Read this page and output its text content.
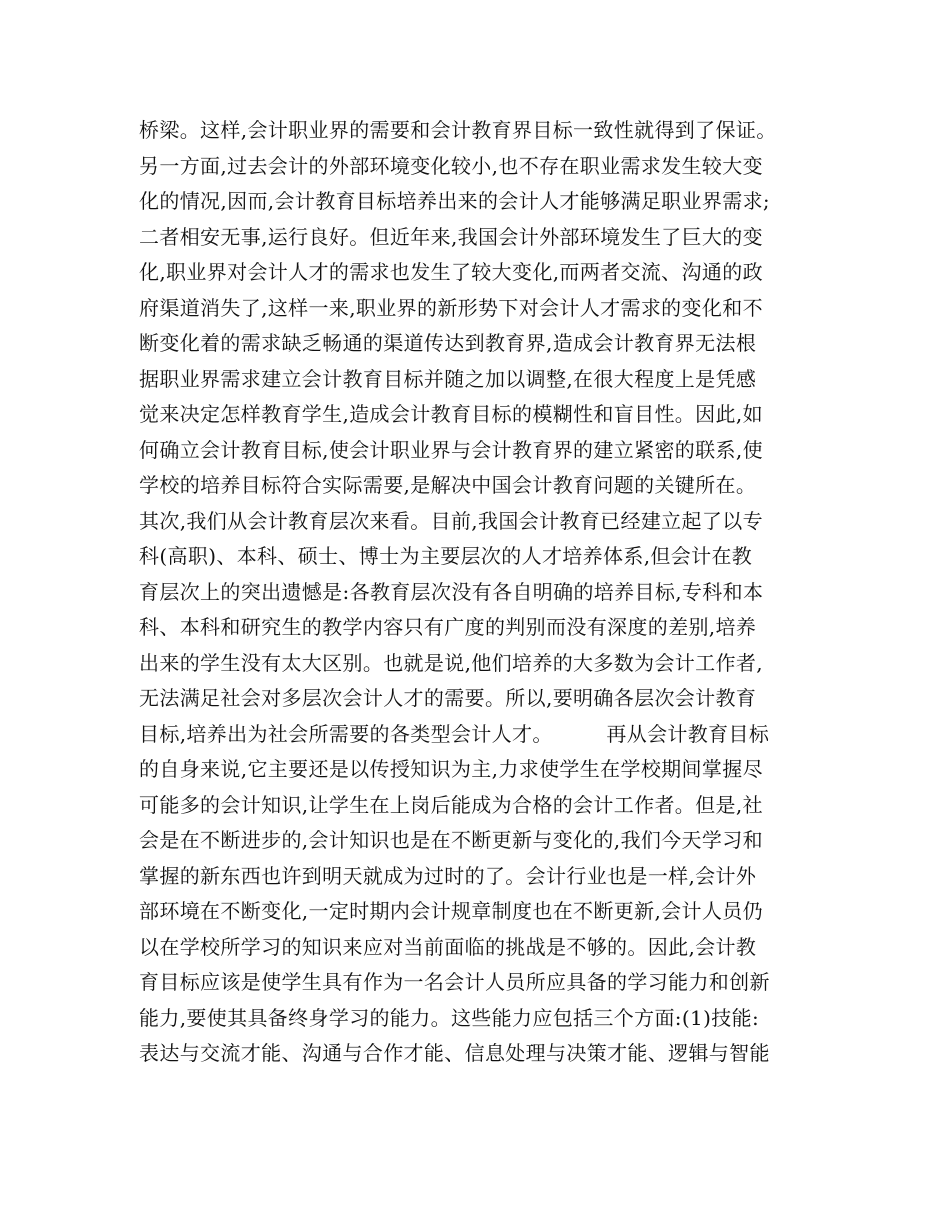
桥梁。这样,会计职业界的需要和会计教育界目标一致性就得到了保证。
另一方面,过去会计的外部环境变化较小,也不存在职业需求发生较大变
化的情况,因而,会计教育目标培养出来的会计人才能够满足职业界需求;
二者相安无事,运行良好。但近年来,我国会计外部环境发生了巨大的变
化,职业界对会计人才的需求也发生了较大变化,而两者交流、沟通的政
府渠道消失了,这样一来,职业界的新形势下对会计人才需求的变化和不
断变化着的需求缺乏畅通的渠道传达到教育界,造成会计教育界无法根
据职业界需求建立会计教育目标并随之加以调整,在很大程度上是凭感
觉来决定怎样教育学生,造成会计教育目标的模糊性和盲目性。因此,如
何确立会计教育目标,使会计职业界与会计教育界的建立紧密的联系,使
学校的培养目标符合实际需要,是解决中国会计教育问题的关键所在。
其次,我们从会计教育层次来看。目前,我国会计教育已经建立起了以专
科(高职)、本科、硕士、博士为主要层次的人才培养体系,但会计在教
育层次上的突出遗憾是:各教育层次没有各自明确的培养目标,专科和本
科、本科和研究生的教学内容只有广度的判别而没有深度的差别,培养
出来的学生没有太大区别。也就是说,他们培养的大多数为会计工作者,
无法满足社会对多层次会计人才的需要。所以,要明确各层次会计教育
目标,培养出为社会所需要的各类型会计人才。        再从会计教育目标
的自身来说,它主要还是以传授知识为主,力求使学生在学校期间掌握尽
可能多的会计知识,让学生在上岗后能成为合格的会计工作者。但是,社
会是在不断进步的,会计知识也是在不断更新与变化的,我们今天学习和
掌握的新东西也许到明天就成为过时的了。会计行业也是一样,会计外
部环境在不断变化,一定时期内会计规章制度也在不断更新,会计人员仍
以在学校所学习的知识来应对当前面临的挑战是不够的。因此,会计教
育目标应该是使学生具有作为一名会计人员所应具备的学习能力和创新
能力,要使其具备终身学习的能力。这些能力应包括三个方面:(1)技能:
表达与交流才能、沟通与合作才能、信息处理与决策才能、逻辑与智能
